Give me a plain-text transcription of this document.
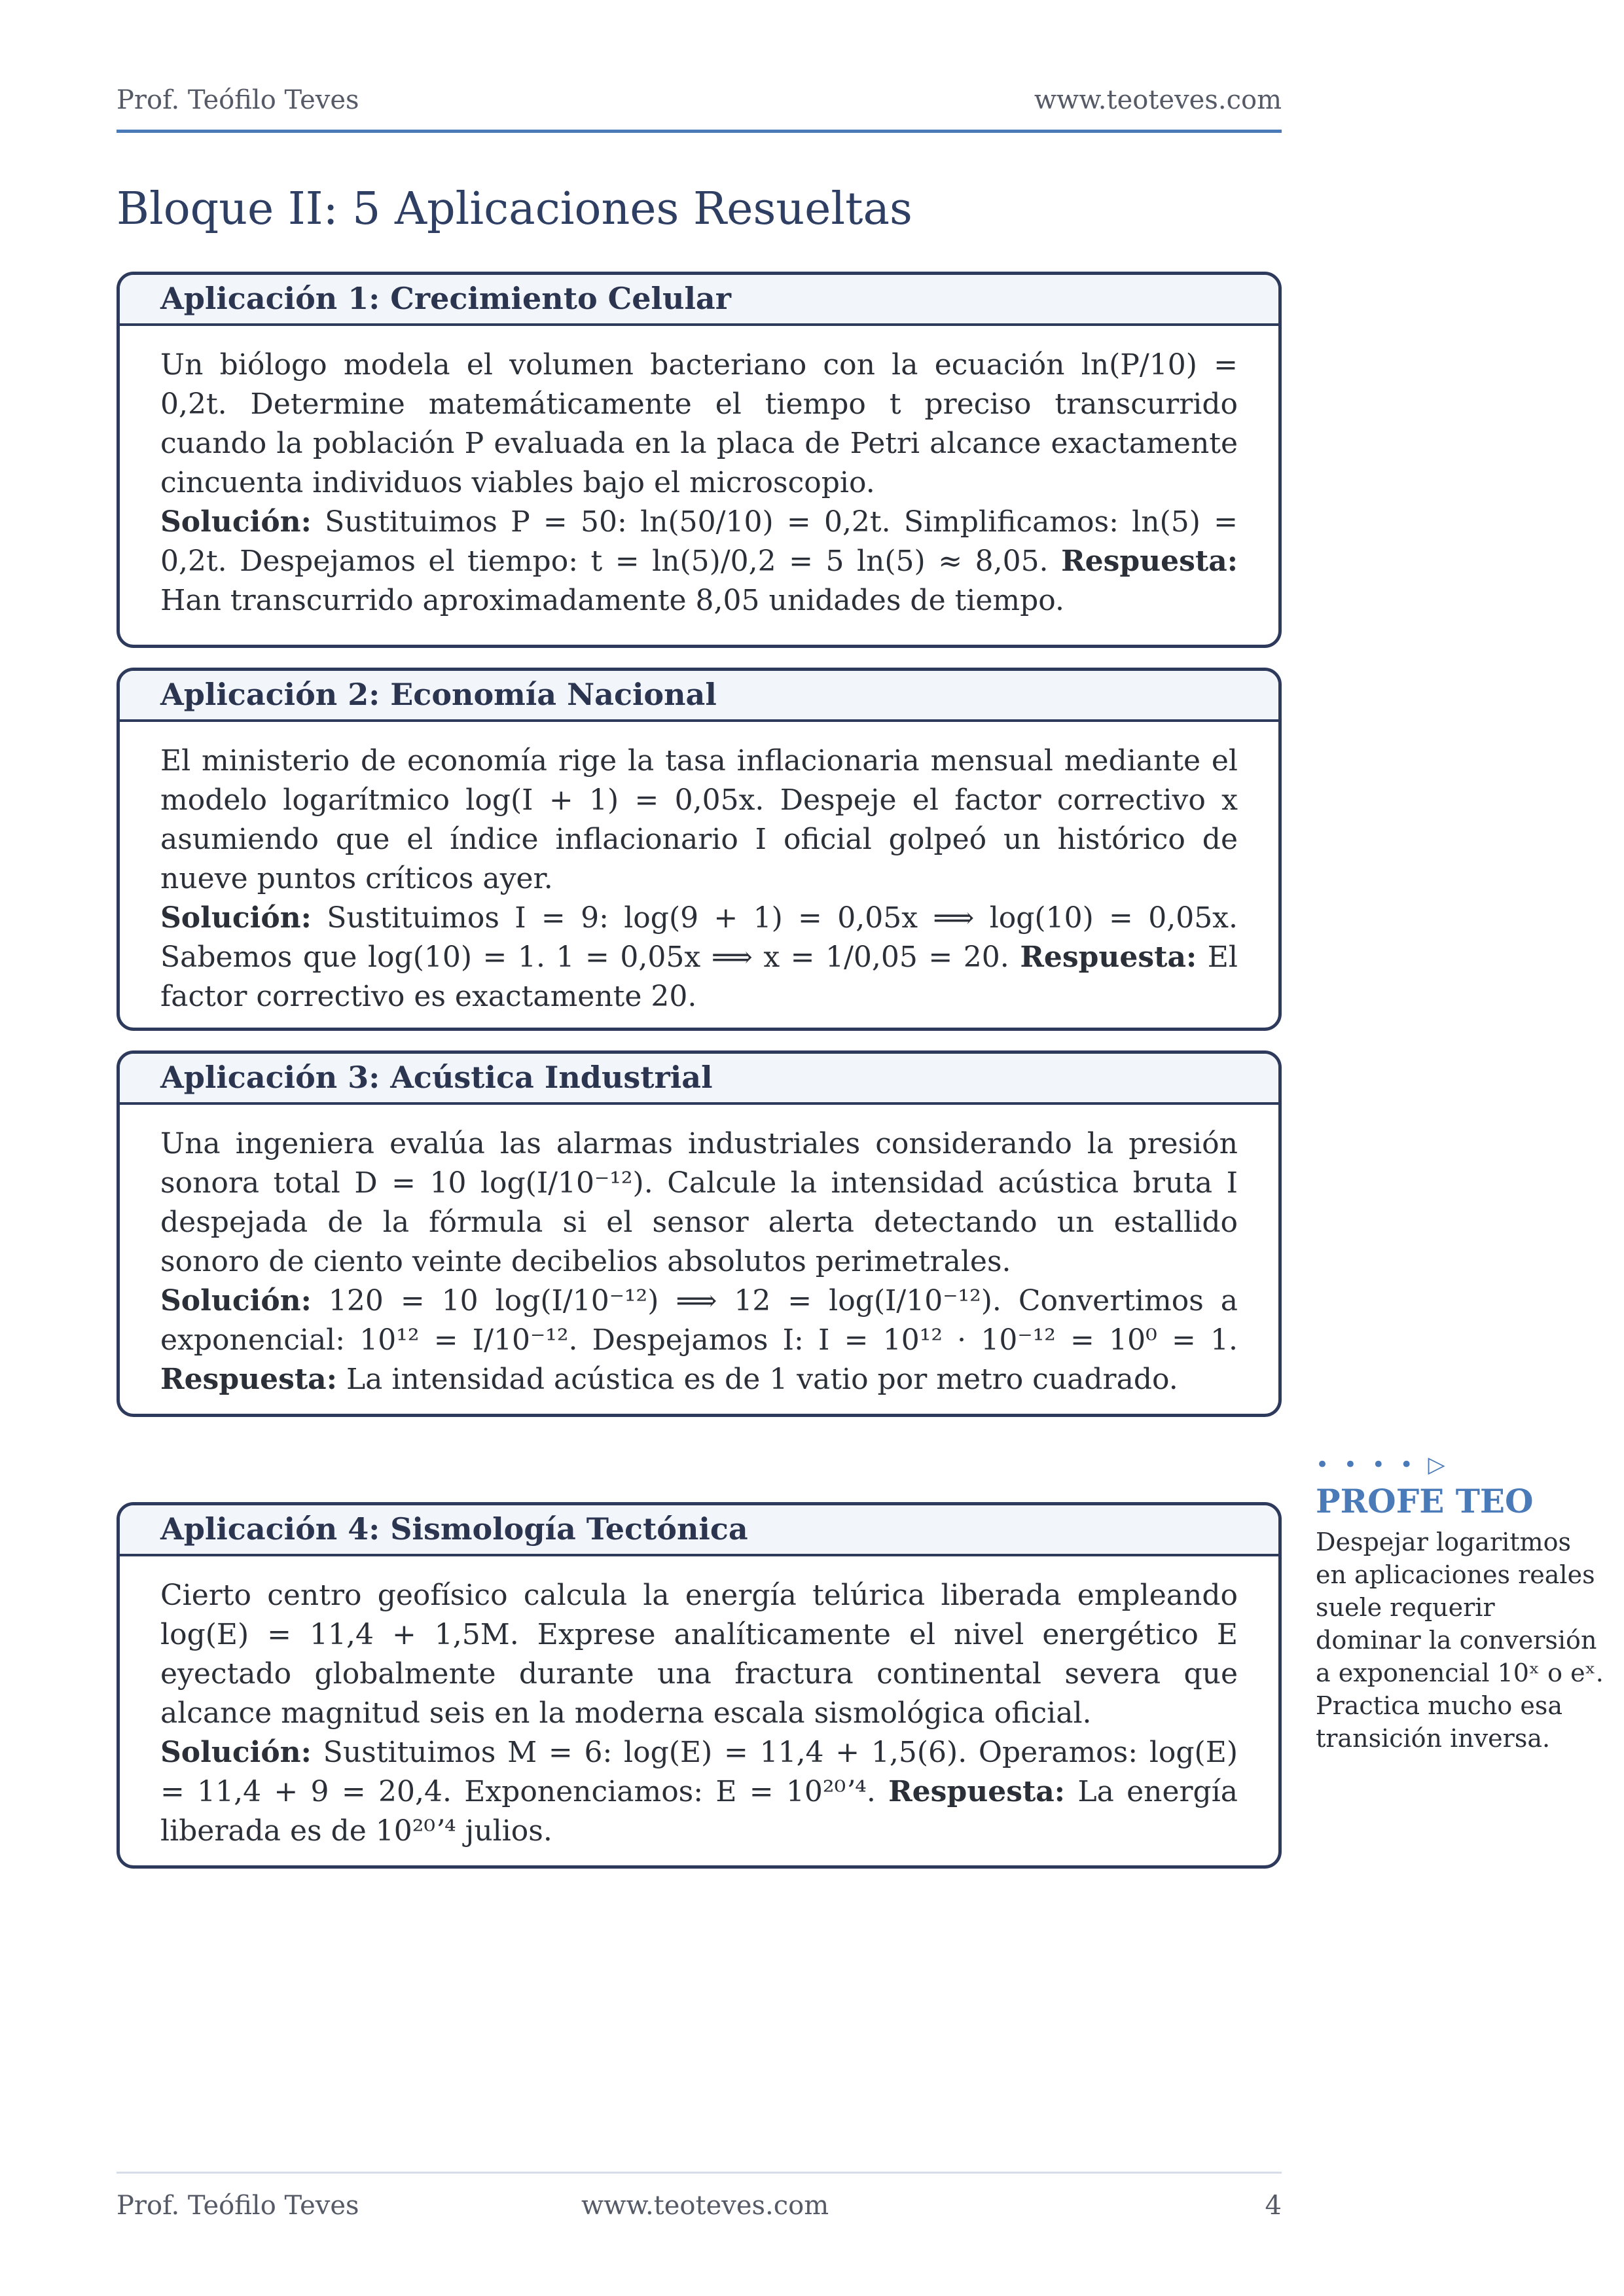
Prof. Teófilo Teves	www.teoteves.com
Bloque II: 5 Aplicaciones Resueltas
Aplicación 1: Crecimiento Celular

Un biólogo modela el volumen bacteriano con la ecuación ln(P/10) = 0,2t. Determine matemáticamente el tiempo t preciso transcurrido cuando la población P evaluada en la placa de Petri alcance exactamente cincuenta individuos viables bajo el microscopio.

Solución: Sustituimos P = 50: ln(50/10) = 0,2t. Simplificamos: ln(5) = 0,2t. Despejamos el tiempo: t = ln(5)/0,2 = 5 ln(5) ≈ 8,05. Respuesta: Han transcurrido aproximadamente 8,05 unidades de tiempo.

Aplicación 2: Economía Nacional

El ministerio de economía rige la tasa inflacionaria mensual mediante el modelo logarítmico log(I + 1) = 0,05x. Despeje el factor correctivo x asumiendo que el índice inflacionario I oficial golpeó un histórico de nueve puntos críticos ayer.

Solución: Sustituimos I = 9: log(9 + 1) = 0,05x ⟹ log(10) = 0,05x. Sabemos que log(10) = 1. 1 = 0,05x ⟹ x = 1/0,05 = 20. Respuesta: El factor correctivo es exactamente 20.

Aplicación 3: Acústica Industrial

Una ingeniera evalúa las alarmas industriales considerando la presión sonora total D = 10 log(I/10⁻¹²). Calcule la intensidad acústica bruta I despejada de la fórmula si el sensor alerta detectando un estallido sonoro de ciento veinte decibelios absolutos perimetrales.

Solución: 120 = 10 log(I/10⁻¹²) ⟹ 12 = log(I/10⁻¹²). Convertimos a exponencial: 10¹² = I/10⁻¹². Despejamos I: I = 10¹² · 10⁻¹² = 10⁰ = 1. Respuesta: La intensidad acústica es de 1 vatio por metro cuadrado.

Aplicación 4: Sismología Tectónica

Cierto centro geofísico calcula la energía telúrica liberada empleando log(E) = 11,4 + 1,5M. Exprese analíticamente el nivel energético E eyectado globalmente durante una fractura continental severa que alcance magnitud seis en la moderna escala sismológica oficial.

Solución: Sustituimos M = 6: log(E) = 11,4 + 1,5(6). Operamos: log(E) = 11,4 + 9 = 20,4. Exponenciamos: E = 10²⁰ʼ⁴. Respuesta: La energía liberada es de 10²⁰ʼ⁴ julios.

• • • • ▷
PROFE TEO
Despejar logaritmos en aplicaciones reales suele requerir dominar la conversión a exponencial 10ˣ o eˣ. Practica mucho esa transición inversa.
Prof. Teófilo Teves	www.teoteves.com	4
